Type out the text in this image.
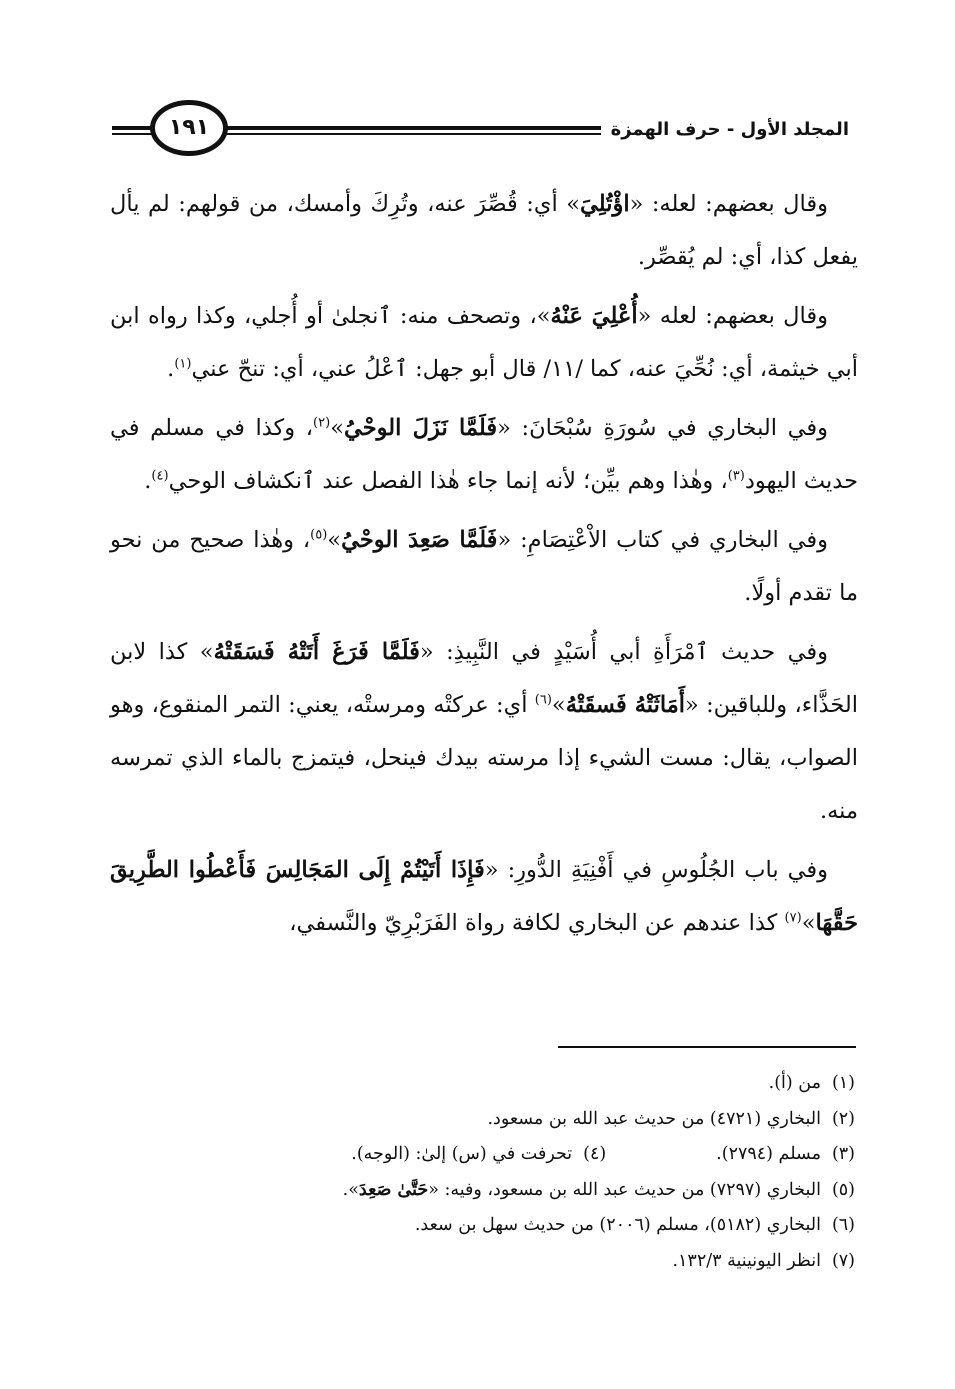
المجلد الأول - حرف الهمزة
١٩١

وقال بعضهم: لعله: «اؤْتُلِيَ» أي: قُصِّرَ عنه، وتُرِكَ وأمسك، من قولهم: لم يأل يفعل كذا، أي: لم يُقصِّر.

وقال بعضهم: لعله «أُعْلِيَ عَنْهُ»، وتصحف منه: ٱنجلىٰ أو أُجلي، وكذا رواه ابن أبي خيثمة، أي: نُحِّيَ عنه، كما /١١/ قال أبو جهل: ٱعْلُ عني، أي: تنحّ عني$^{(١)}$.

وفي البخاري في سُورَةِ سُبْحَانَ: «فَلَمَّا نَزَلَ الوحْيُ»$^{(٢)}$، وكذا في مسلم في حديث اليهود$^{(٣)}$، وهٰذا وهم بيِّن؛ لأنه إنما جاء هٰذا الفصل عند ٱنكشاف الوحي$^{(٤)}$.

وفي البخاري في كتاب الاْعْتِصَامِ: «فَلَمَّا صَعِدَ الوحْيُ»$^{(٥)}$، وهٰذا صحيح من نحو ما تقدم أولًا.

وفي حديث ٱمْرَأَةِ أبي أُسَيْدٍ في النَّبِيذِ: «فَلَمَّا فَرَغَ أَتَتْهُ فَسَقَتْهُ» كذا لابن الحَذَّاء، وللباقين: «أَمَاثَتْهُ فَسقَتْهُ»$^{(٦)}$ أي: عركتْه ومرستْه، يعني: التمر المنقوع، وهو الصواب، يقال: مست الشيء إذا مرسته بيدك فينحل، فيتمزج بالماء الذي تمرسه منه.

وفي باب الجُلُوسِ في أَفْنِيَةِ الدُّورِ: «فَإِذَا أَتَيْتُمْ إِلَى المَجَالِسَ فَأَعْطُوا الطَّرِيقَ حَقَّهَا»$^{(٧)}$ كذا عندهم عن البخاري لكافة رواة الفَرَبْرِيّ والنَّسفي،

(١)من (أ).
(٢)البخاري (٤٧٢١) من حديث عبد الله بن مسعود.
(٣)مسلم (٢٧٩٤).(٤)تحرفت في (س) إلىٰ: (الوجه).
(٥)البخاري (٧٢٩٧) من حديث عبد الله بن مسعود، وفيه: «حَتَّىٰ صَعِدَ».
(٦)البخاري (٥١٨٢)، مسلم (٢٠٠٦) من حديث سهل بن سعد.
(٧)انظر اليونينية ١٣٢/٣.
